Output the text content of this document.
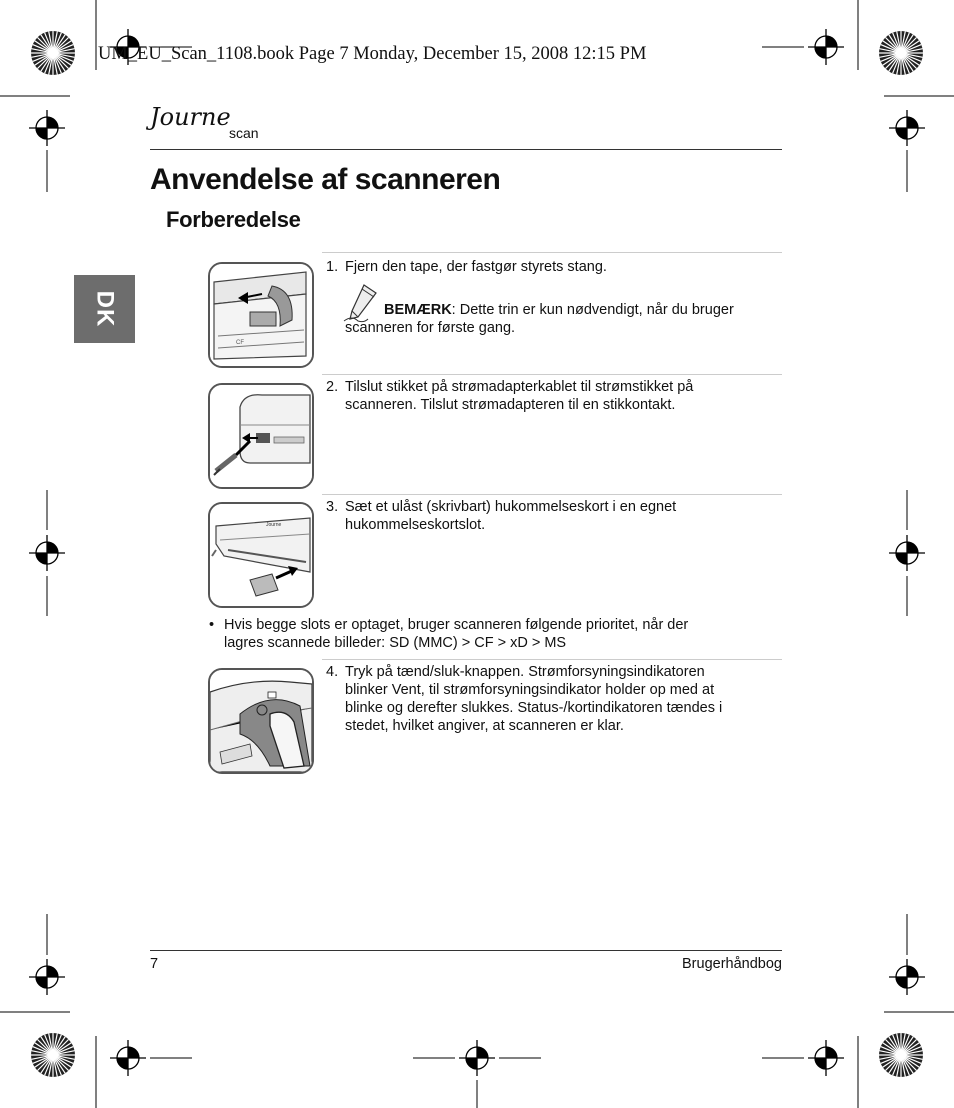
UM_EU_Scan_1108.book Page 7 Monday, December 15, 2008 12:15 PM
Journe
scan
Anvendelse af scanneren
Forberedelse
DK
CF
Journe
1. Fjern den tape, der fastgør styrets stang.
BEMÆRK: Dette trin er kun nødvendigt, når du bruger
scanneren for første gang.
2. Tilslut stikket på strømadapterkablet til strømstikket på
scanneren. Tilslut strømadapteren til en stikkontakt.
3. Sæt et ulåst (skrivbart) hukommelseskort i en egnet
hukommelseskortslot.
• Hvis begge slots er optaget, bruger scanneren følgende prioritet, når der
lagres scannede billeder: SD (MMC) > CF > xD > MS
4. Tryk på tænd/sluk-knappen. Strømforsyningsindikatoren
blinker Vent, til strømforsyningsindikator holder op med at
blinke og derefter slukkes. Status-/kortindikatoren tændes i
stedet, hvilket angiver, at scanneren er klar.
7	Brugerhåndbog
